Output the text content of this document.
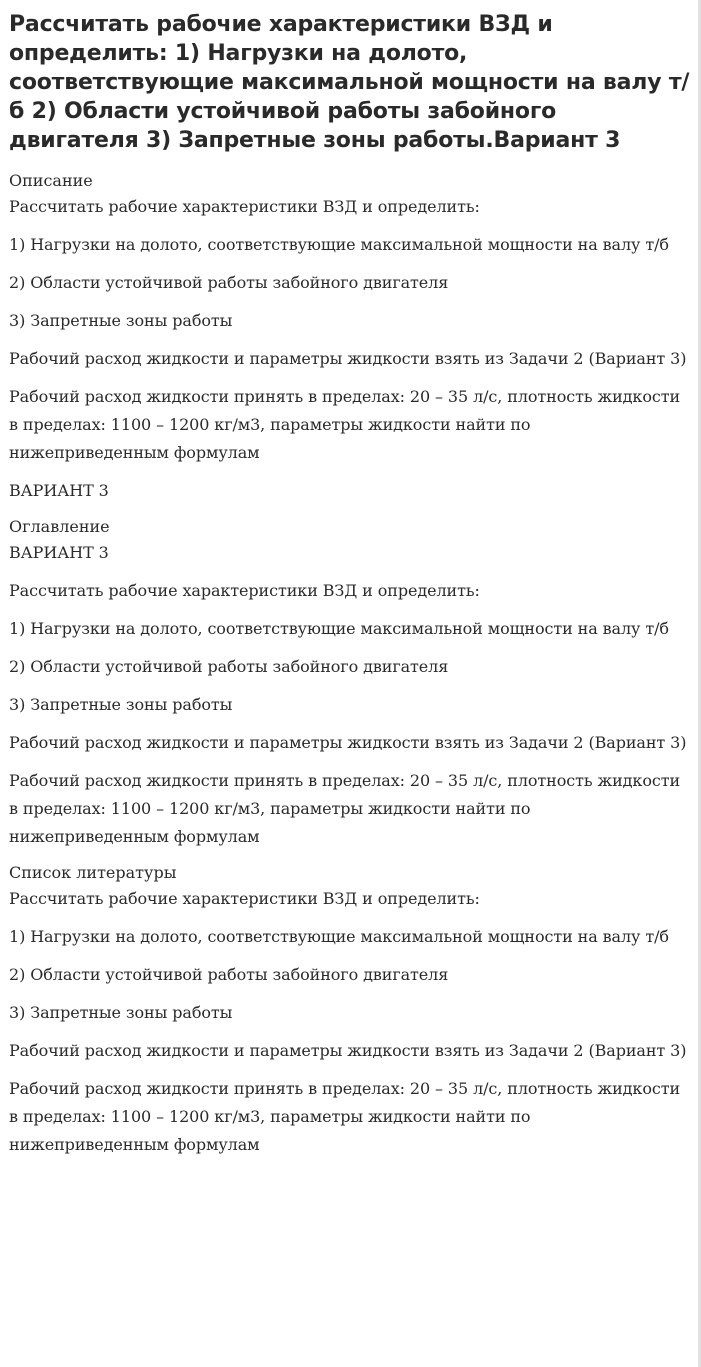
Рассчитать рабочие характеристики ВЗД и определить: 1) Нагрузки на долото, соответствующие максимальной мощности на валу т/б 2) Области устойчивой работы забойного двигателя 3) Запретные зоны работы.Вариант 3
Описание

Рассчитать рабочие характеристики ВЗД и определить:

1) Нагрузки на долото, соответствующие максимальной мощности на валу т/б

2) Области устойчивой работы забойного двигателя

3) Запретные зоны работы

Рабочий расход жидкости и параметры жидкости взять из Задачи 2 (Вариант 3)

Рабочий расход жидкости принять в пределах: 20 – 35 л/с, плотность жидкости в пределах: 1100 – 1200 кг/м3, параметры жидкости найти по нижеприведенным формулам

ВАРИАНТ 3

Оглавление

ВАРИАНТ 3

Рассчитать рабочие характеристики ВЗД и определить:

1) Нагрузки на долото, соответствующие максимальной мощности на валу т/б

2) Области устойчивой работы забойного двигателя

3) Запретные зоны работы

Рабочий расход жидкости и параметры жидкости взять из Задачи 2 (Вариант 3)

Рабочий расход жидкости принять в пределах: 20 – 35 л/с, плотность жидкости в пределах: 1100 – 1200 кг/м3, параметры жидкости найти по нижеприведенным формулам

Список литературы

Рассчитать рабочие характеристики ВЗД и определить:

1) Нагрузки на долото, соответствующие максимальной мощности на валу т/б

2) Области устойчивой работы забойного двигателя

3) Запретные зоны работы

Рабочий расход жидкости и параметры жидкости взять из Задачи 2 (Вариант 3)

Рабочий расход жидкости принять в пределах: 20 – 35 л/с, плотность жидкости в пределах: 1100 – 1200 кг/м3, параметры жидкости найти по нижеприведенным формулам
